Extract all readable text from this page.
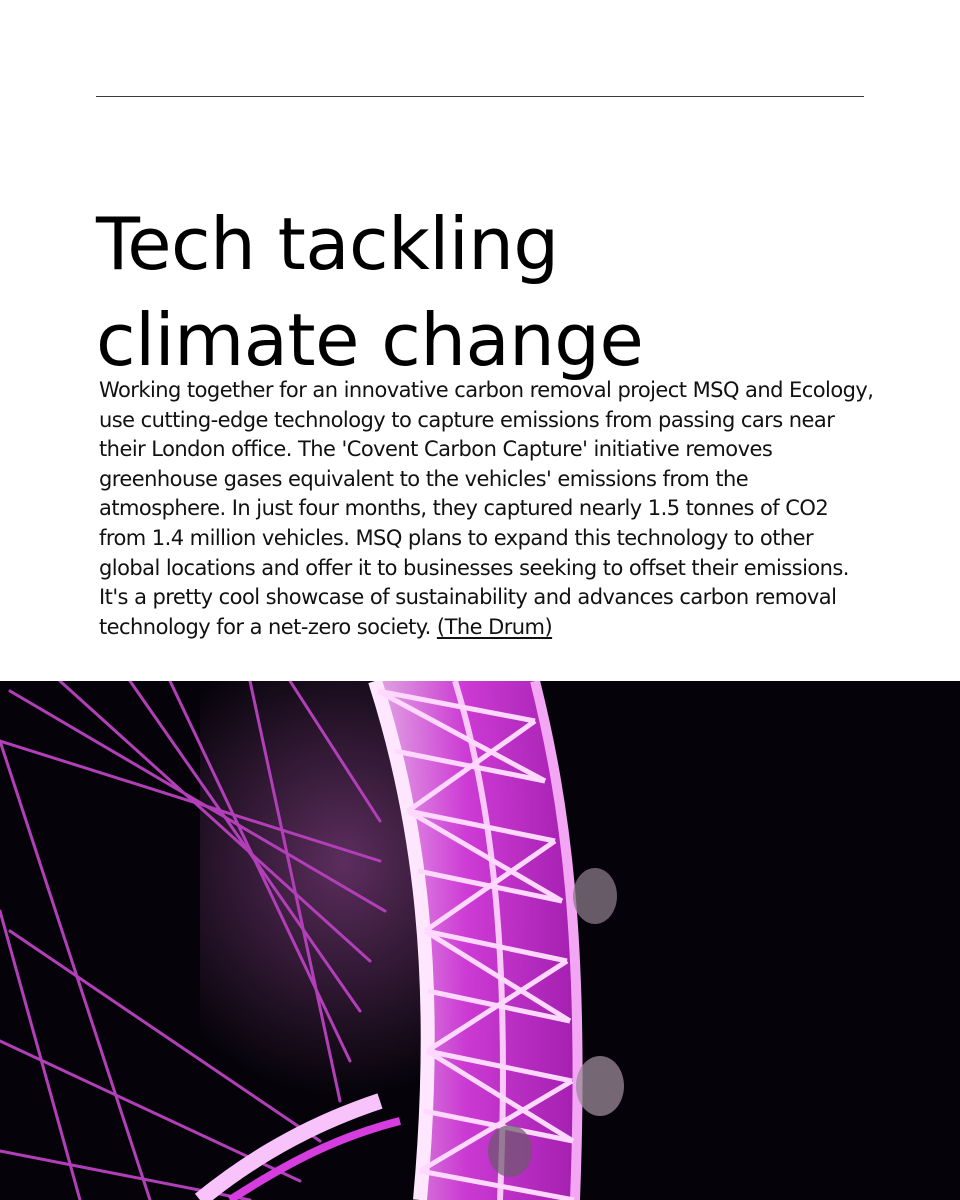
Tech tackling
climate change

Working together for an innovative carbon removal project MSQ and Ecology, use cutting-edge technology to capture emissions from passing cars near their London office. The 'Covent Carbon Capture' initiative removes greenhouse gases equivalent to the vehicles' emissions from the atmosphere. In just four months, they captured nearly 1.5 tonnes of CO2 from 1.4 million vehicles. MSQ plans to expand this technology to other global locations and offer it to businesses seeking to offset their emissions. It's a pretty cool showcase of sustainability and advances carbon removal technology for a net-zero society. (The Drum)
